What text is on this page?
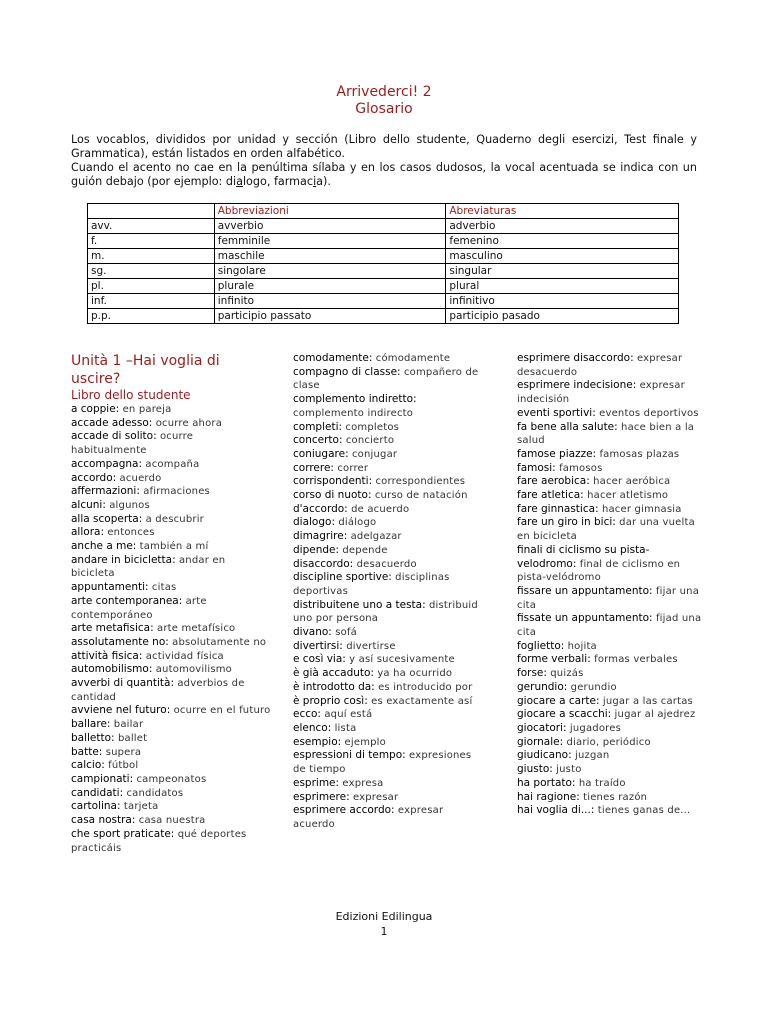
Arrivederci! 2
Glosario

Los vocablos, divididos por unidad y sección (Libro dello studente, Quaderno degli esercizi, Test finale y Grammatica), están listados en orden alfabético.

Cuando el acento no cae en la penúltima sílaba y en los casos dudosos, la vocal acentuada se indica con un guión debajo (por ejemplo: dialogo, farmacia).

	Abbreviazioni	Abreviaturas
avv.	avverbio	adverbio
f.	femminile	femenino
m.	maschile	masculino
sg.	singolare	singular
pl.	plurale	plural
inf.	infinito	infinitivo
p.p.	participio passato	participio pasado
Unità 1 –Hai voglia di uscire?
Libro dello studente
a coppie: en pareja
accade adesso: ocurre ahora
accade di solito: ocurre habitualmente
accompagna: acompaña
accordo: acuerdo
affermazioni: afirmaciones
alcuni: algunos
alla scoperta: a descubrir
allora: entonces
anche a me: también a mí
andare in bicicletta: andar en bicicleta
appuntamenti: citas
arte contemporanea: arte contemporáneo
arte metafisica: arte metafísico
assolutamente no: absolutamente no
attività fisica: actividad física
automobilismo: automovilismo
avverbi di quantità: adverbios de cantidad
avviene nel futuro: ocurre en el futuro
ballare: bailar
balletto: ballet
batte: supera
calcio: fútbol
campionati: campeonatos
candidati: candidatos
cartolina: tarjeta
casa nostra: casa nuestra
che sport praticate: qué deportes practicáis
comodamente: cómodamente
compagno di classe: compañero de clase
complemento indiretto: complemento indirecto
completi: completos
concerto: concierto
coniugare: conjugar
correre: correr
corrispondenti: correspondientes
corso di nuoto: curso de natación
d'accordo: de acuerdo
dialogo: diálogo
dimagrire: adelgazar
dipende: depende
disaccordo: desacuerdo
discipline sportive: disciplinas deportivas
distribuitene uno a testa: distribuid uno por persona
divano: sofá
divertirsi: divertirse
e così via: y así sucesivamente
è già accaduto: ya ha ocurrido
è introdotto da: es introducido por
è proprio così: es exactamente así
ecco: aquí está
elenco: lista
esempio: ejemplo
espressioni di tempo: expresiones de tiempo
esprime: expresa
esprimere: expresar
esprimere accordo: expresar acuerdo
esprimere disaccordo: expresar desacuerdo
esprimere indecisione: expresar indecisión
eventi sportivi: eventos deportivos
fa bene alla salute: hace bien a la salud
famose piazze: famosas plazas
famosi: famosos
fare aerobica: hacer aeróbica
fare atletica: hacer atletismo
fare ginnastica: hacer gimnasia
fare un giro in bici: dar una vuelta en bicicleta
finali di ciclismo su pista-velodromo: final de ciclismo en pista-velódromo
fissare un appuntamento: fijar una cita
fissate un appuntamento: fijad una cita
foglietto: hojita
forme verbali: formas verbales
forse: quizás
gerundio: gerundio
giocare a carte: jugar a las cartas
giocare a scacchi: jugar al ajedrez
giocatori: jugadores
giornale: diario, periódico
giudicano: juzgan
giusto: justo
ha portato: ha traído
hai ragione: tienes razón
hai voglia di...: tienes ganas de...
Edizioni Edilingua
1
